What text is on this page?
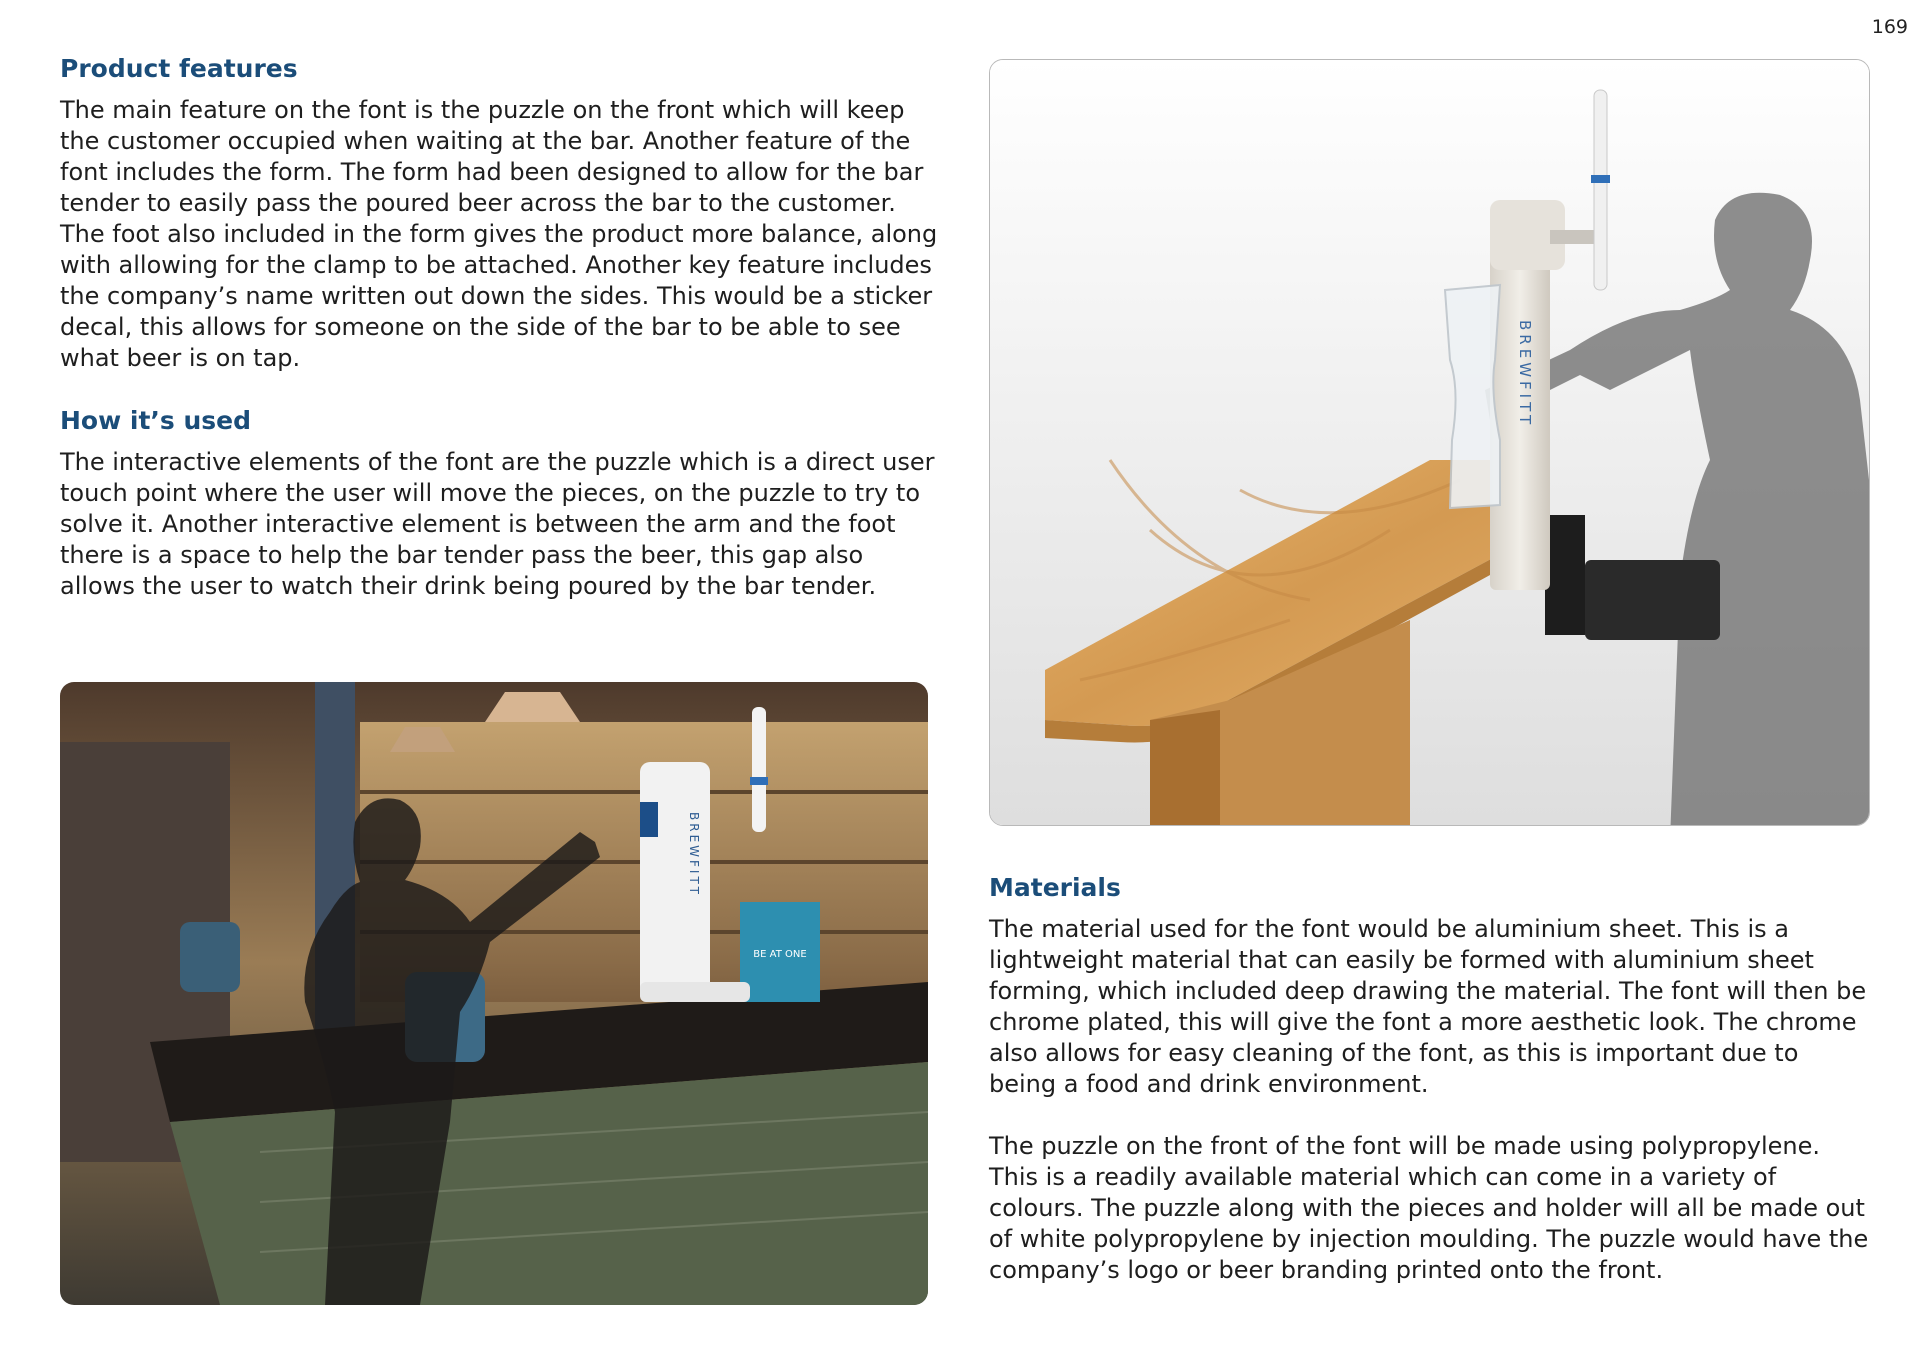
169
Product features

The main feature on the font is the puzzle on the front which will keep the customer occupied when waiting at the bar. Another feature of the font includes the form. The form had been designed to allow for the bar tender to easily pass the poured beer across the bar to the customer. The foot also included in the form gives the product more balance, along with allowing for the clamp to be attached. Another key feature includes the company’s name written out down the sides. This would be a sticker decal, this allows for someone on the side of the bar to be able to see what beer is on tap.

How it’s used

The interactive elements of the font are the puzzle which is a direct user touch point where the user will move the pieces, on the puzzle to try to solve it. Another interactive element is between the arm and the foot there is a space to help the bar tender pass the beer, this gap also allows the user to watch their drink being poured by the bar tender.

Materials

The material used for the font would be aluminium sheet. This is a lightweight material that can easily be formed with aluminium sheet forming, which included deep drawing the material. The font will then be chrome plated, this will give the font a more aesthetic look. The chrome also allows for easy cleaning of the font, as this is important due to being a food and drink environment.

The puzzle on the front of the font will be made using polypropylene. This is a readily available material which can come in a variety of colours. The puzzle along with the pieces and holder will all be made out of white polypropylene by injection moulding. The puzzle would have the company’s logo or beer branding printed onto the front.

BREWFITT
BE AT ONE
BREWFITT
